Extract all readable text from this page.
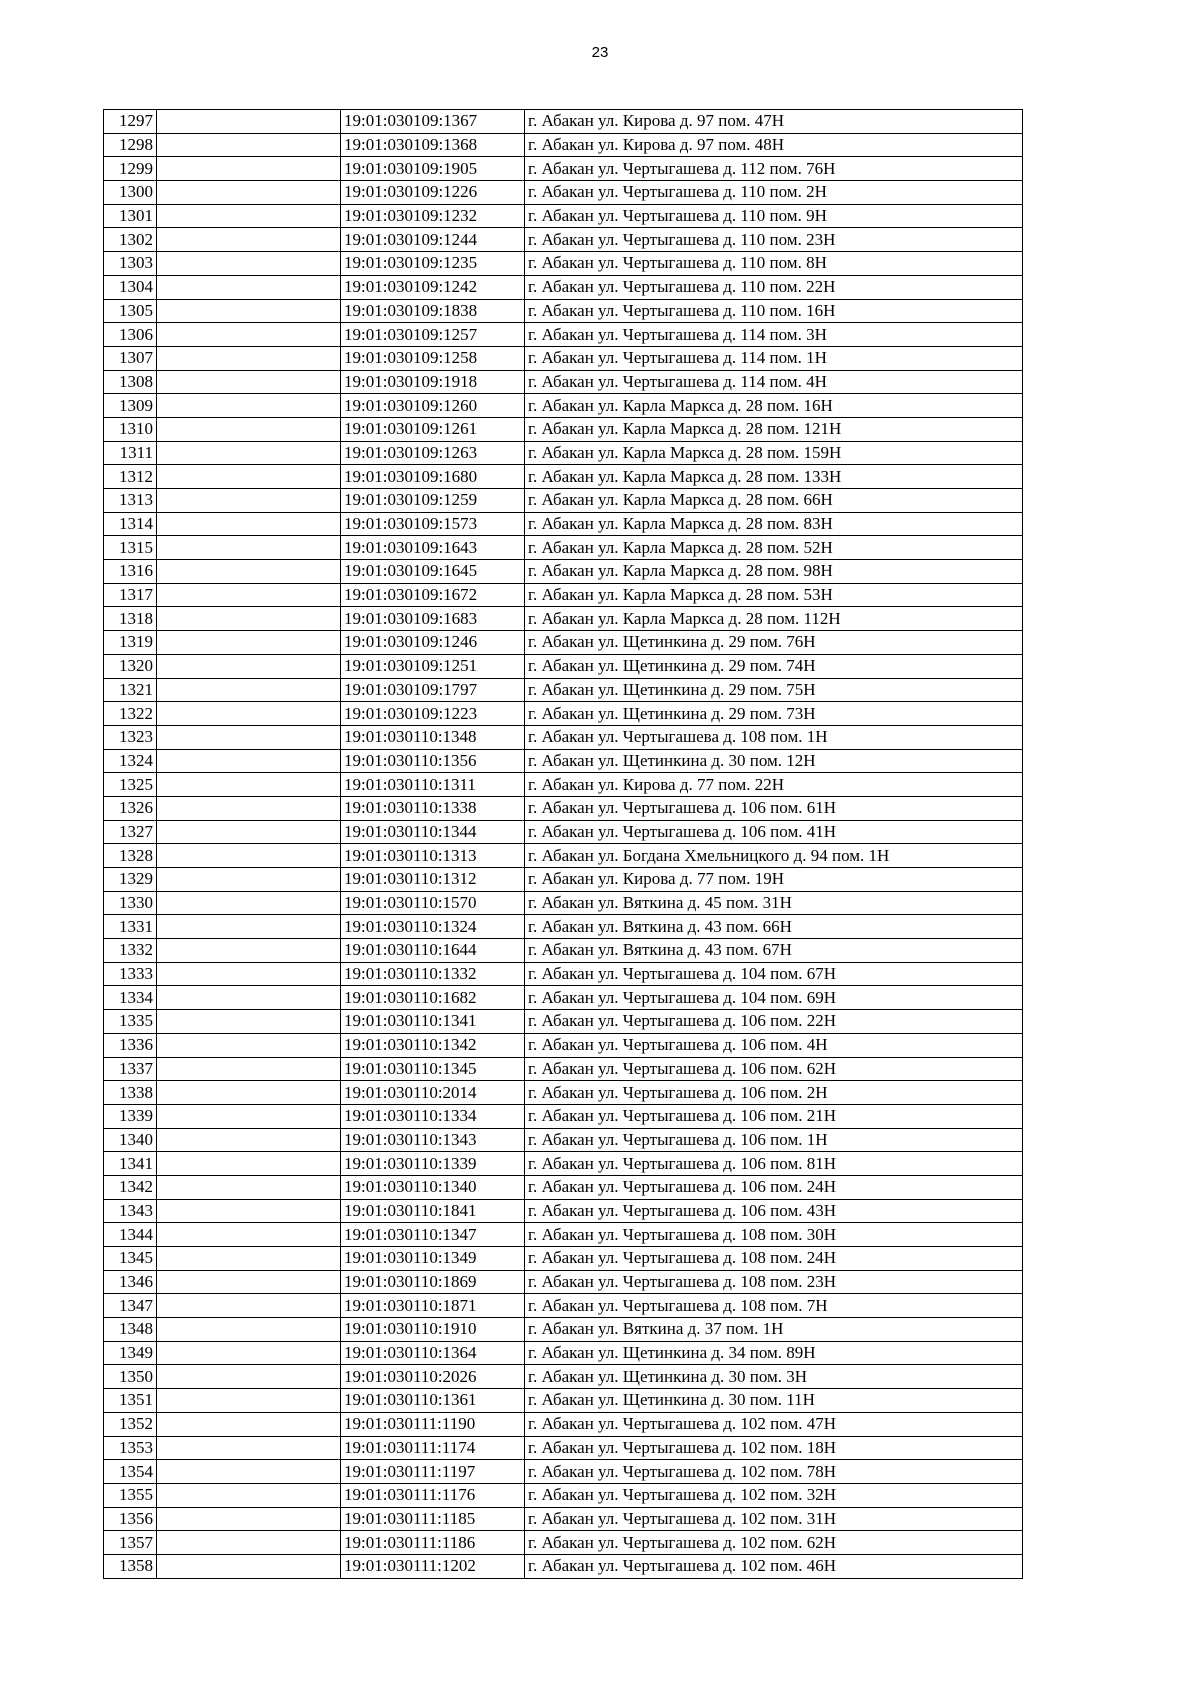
23
1297		19:01:030109:1367	г. Абакан ул. Кирова д. 97 пом. 47Н
1298		19:01:030109:1368	г. Абакан ул. Кирова д. 97 пом. 48Н
1299		19:01:030109:1905	г. Абакан ул. Чертыгашева д. 112 пом. 76Н
1300		19:01:030109:1226	г. Абакан ул. Чертыгашева д. 110 пом. 2Н
1301		19:01:030109:1232	г. Абакан ул. Чертыгашева д. 110 пом. 9Н
1302		19:01:030109:1244	г. Абакан ул. Чертыгашева д. 110 пом. 23Н
1303		19:01:030109:1235	г. Абакан ул. Чертыгашева д. 110 пом. 8Н
1304		19:01:030109:1242	г. Абакан ул. Чертыгашева д. 110 пом. 22Н
1305		19:01:030109:1838	г. Абакан ул. Чертыгашева д. 110 пом. 16Н
1306		19:01:030109:1257	г. Абакан ул. Чертыгашева д. 114 пом. 3Н
1307		19:01:030109:1258	г. Абакан ул. Чертыгашева д. 114 пом. 1Н
1308		19:01:030109:1918	г. Абакан ул. Чертыгашева д. 114 пом. 4Н
1309		19:01:030109:1260	г. Абакан ул. Карла Маркса д. 28 пом. 16Н
1310		19:01:030109:1261	г. Абакан ул. Карла Маркса д. 28 пом. 121Н
1311		19:01:030109:1263	г. Абакан ул. Карла Маркса д. 28 пом. 159Н
1312		19:01:030109:1680	г. Абакан ул. Карла Маркса д. 28 пом. 133Н
1313		19:01:030109:1259	г. Абакан ул. Карла Маркса д. 28 пом. 66Н
1314		19:01:030109:1573	г. Абакан ул. Карла Маркса д. 28 пом. 83Н
1315		19:01:030109:1643	г. Абакан ул. Карла Маркса д. 28 пом. 52Н
1316		19:01:030109:1645	г. Абакан ул. Карла Маркса д. 28 пом. 98Н
1317		19:01:030109:1672	г. Абакан ул. Карла Маркса д. 28 пом. 53Н
1318		19:01:030109:1683	г. Абакан ул. Карла Маркса д. 28 пом. 112Н
1319		19:01:030109:1246	г. Абакан ул. Щетинкина д. 29 пом. 76Н
1320		19:01:030109:1251	г. Абакан ул. Щетинкина д. 29 пом. 74Н
1321		19:01:030109:1797	г. Абакан ул. Щетинкина д. 29 пом. 75Н
1322		19:01:030109:1223	г. Абакан ул. Щетинкина д. 29 пом. 73Н
1323		19:01:030110:1348	г. Абакан ул. Чертыгашева д. 108 пом. 1Н
1324		19:01:030110:1356	г. Абакан ул. Щетинкина д. 30 пом. 12Н
1325		19:01:030110:1311	г. Абакан ул. Кирова д. 77 пом. 22Н
1326		19:01:030110:1338	г. Абакан ул. Чертыгашева д. 106 пом. 61Н
1327		19:01:030110:1344	г. Абакан ул. Чертыгашева д. 106 пом. 41Н
1328		19:01:030110:1313	г. Абакан ул. Богдана Хмельницкого д. 94 пом. 1Н
1329		19:01:030110:1312	г. Абакан ул. Кирова д. 77 пом. 19Н
1330		19:01:030110:1570	г. Абакан ул. Вяткина д. 45 пом. 31Н
1331		19:01:030110:1324	г. Абакан ул. Вяткина д. 43 пом. 66Н
1332		19:01:030110:1644	г. Абакан ул. Вяткина д. 43 пом. 67Н
1333		19:01:030110:1332	г. Абакан ул. Чертыгашева д. 104 пом. 67Н
1334		19:01:030110:1682	г. Абакан ул. Чертыгашева д. 104 пом. 69Н
1335		19:01:030110:1341	г. Абакан ул. Чертыгашева д. 106 пом. 22Н
1336		19:01:030110:1342	г. Абакан ул. Чертыгашева д. 106 пом. 4Н
1337		19:01:030110:1345	г. Абакан ул. Чертыгашева д. 106 пом. 62Н
1338		19:01:030110:2014	г. Абакан ул. Чертыгашева д. 106 пом. 2Н
1339		19:01:030110:1334	г. Абакан ул. Чертыгашева д. 106 пом. 21Н
1340		19:01:030110:1343	г. Абакан ул. Чертыгашева д. 106 пом. 1Н
1341		19:01:030110:1339	г. Абакан ул. Чертыгашева д. 106 пом. 81Н
1342		19:01:030110:1340	г. Абакан ул. Чертыгашева д. 106 пом. 24Н
1343		19:01:030110:1841	г. Абакан ул. Чертыгашева д. 106 пом. 43Н
1344		19:01:030110:1347	г. Абакан ул. Чертыгашева д. 108 пом. 30Н
1345		19:01:030110:1349	г. Абакан ул. Чертыгашева д. 108 пом. 24Н
1346		19:01:030110:1869	г. Абакан ул. Чертыгашева д. 108 пом. 23Н
1347		19:01:030110:1871	г. Абакан ул. Чертыгашева д. 108 пом. 7Н
1348		19:01:030110:1910	г. Абакан ул. Вяткина д. 37 пом. 1Н
1349		19:01:030110:1364	г. Абакан ул. Щетинкина д. 34 пом. 89Н
1350		19:01:030110:2026	г. Абакан ул. Щетинкина д. 30 пом. 3Н
1351		19:01:030110:1361	г. Абакан ул. Щетинкина д. 30 пом. 11Н
1352		19:01:030111:1190	г. Абакан ул. Чертыгашева д. 102 пом. 47Н
1353		19:01:030111:1174	г. Абакан ул. Чертыгашева д. 102 пом. 18Н
1354		19:01:030111:1197	г. Абакан ул. Чертыгашева д. 102 пом. 78Н
1355		19:01:030111:1176	г. Абакан ул. Чертыгашева д. 102 пом. 32Н
1356		19:01:030111:1185	г. Абакан ул. Чертыгашева д. 102 пом. 31Н
1357		19:01:030111:1186	г. Абакан ул. Чертыгашева д. 102 пом. 62Н
1358		19:01:030111:1202	г. Абакан ул. Чертыгашева д. 102 пом. 46Н
